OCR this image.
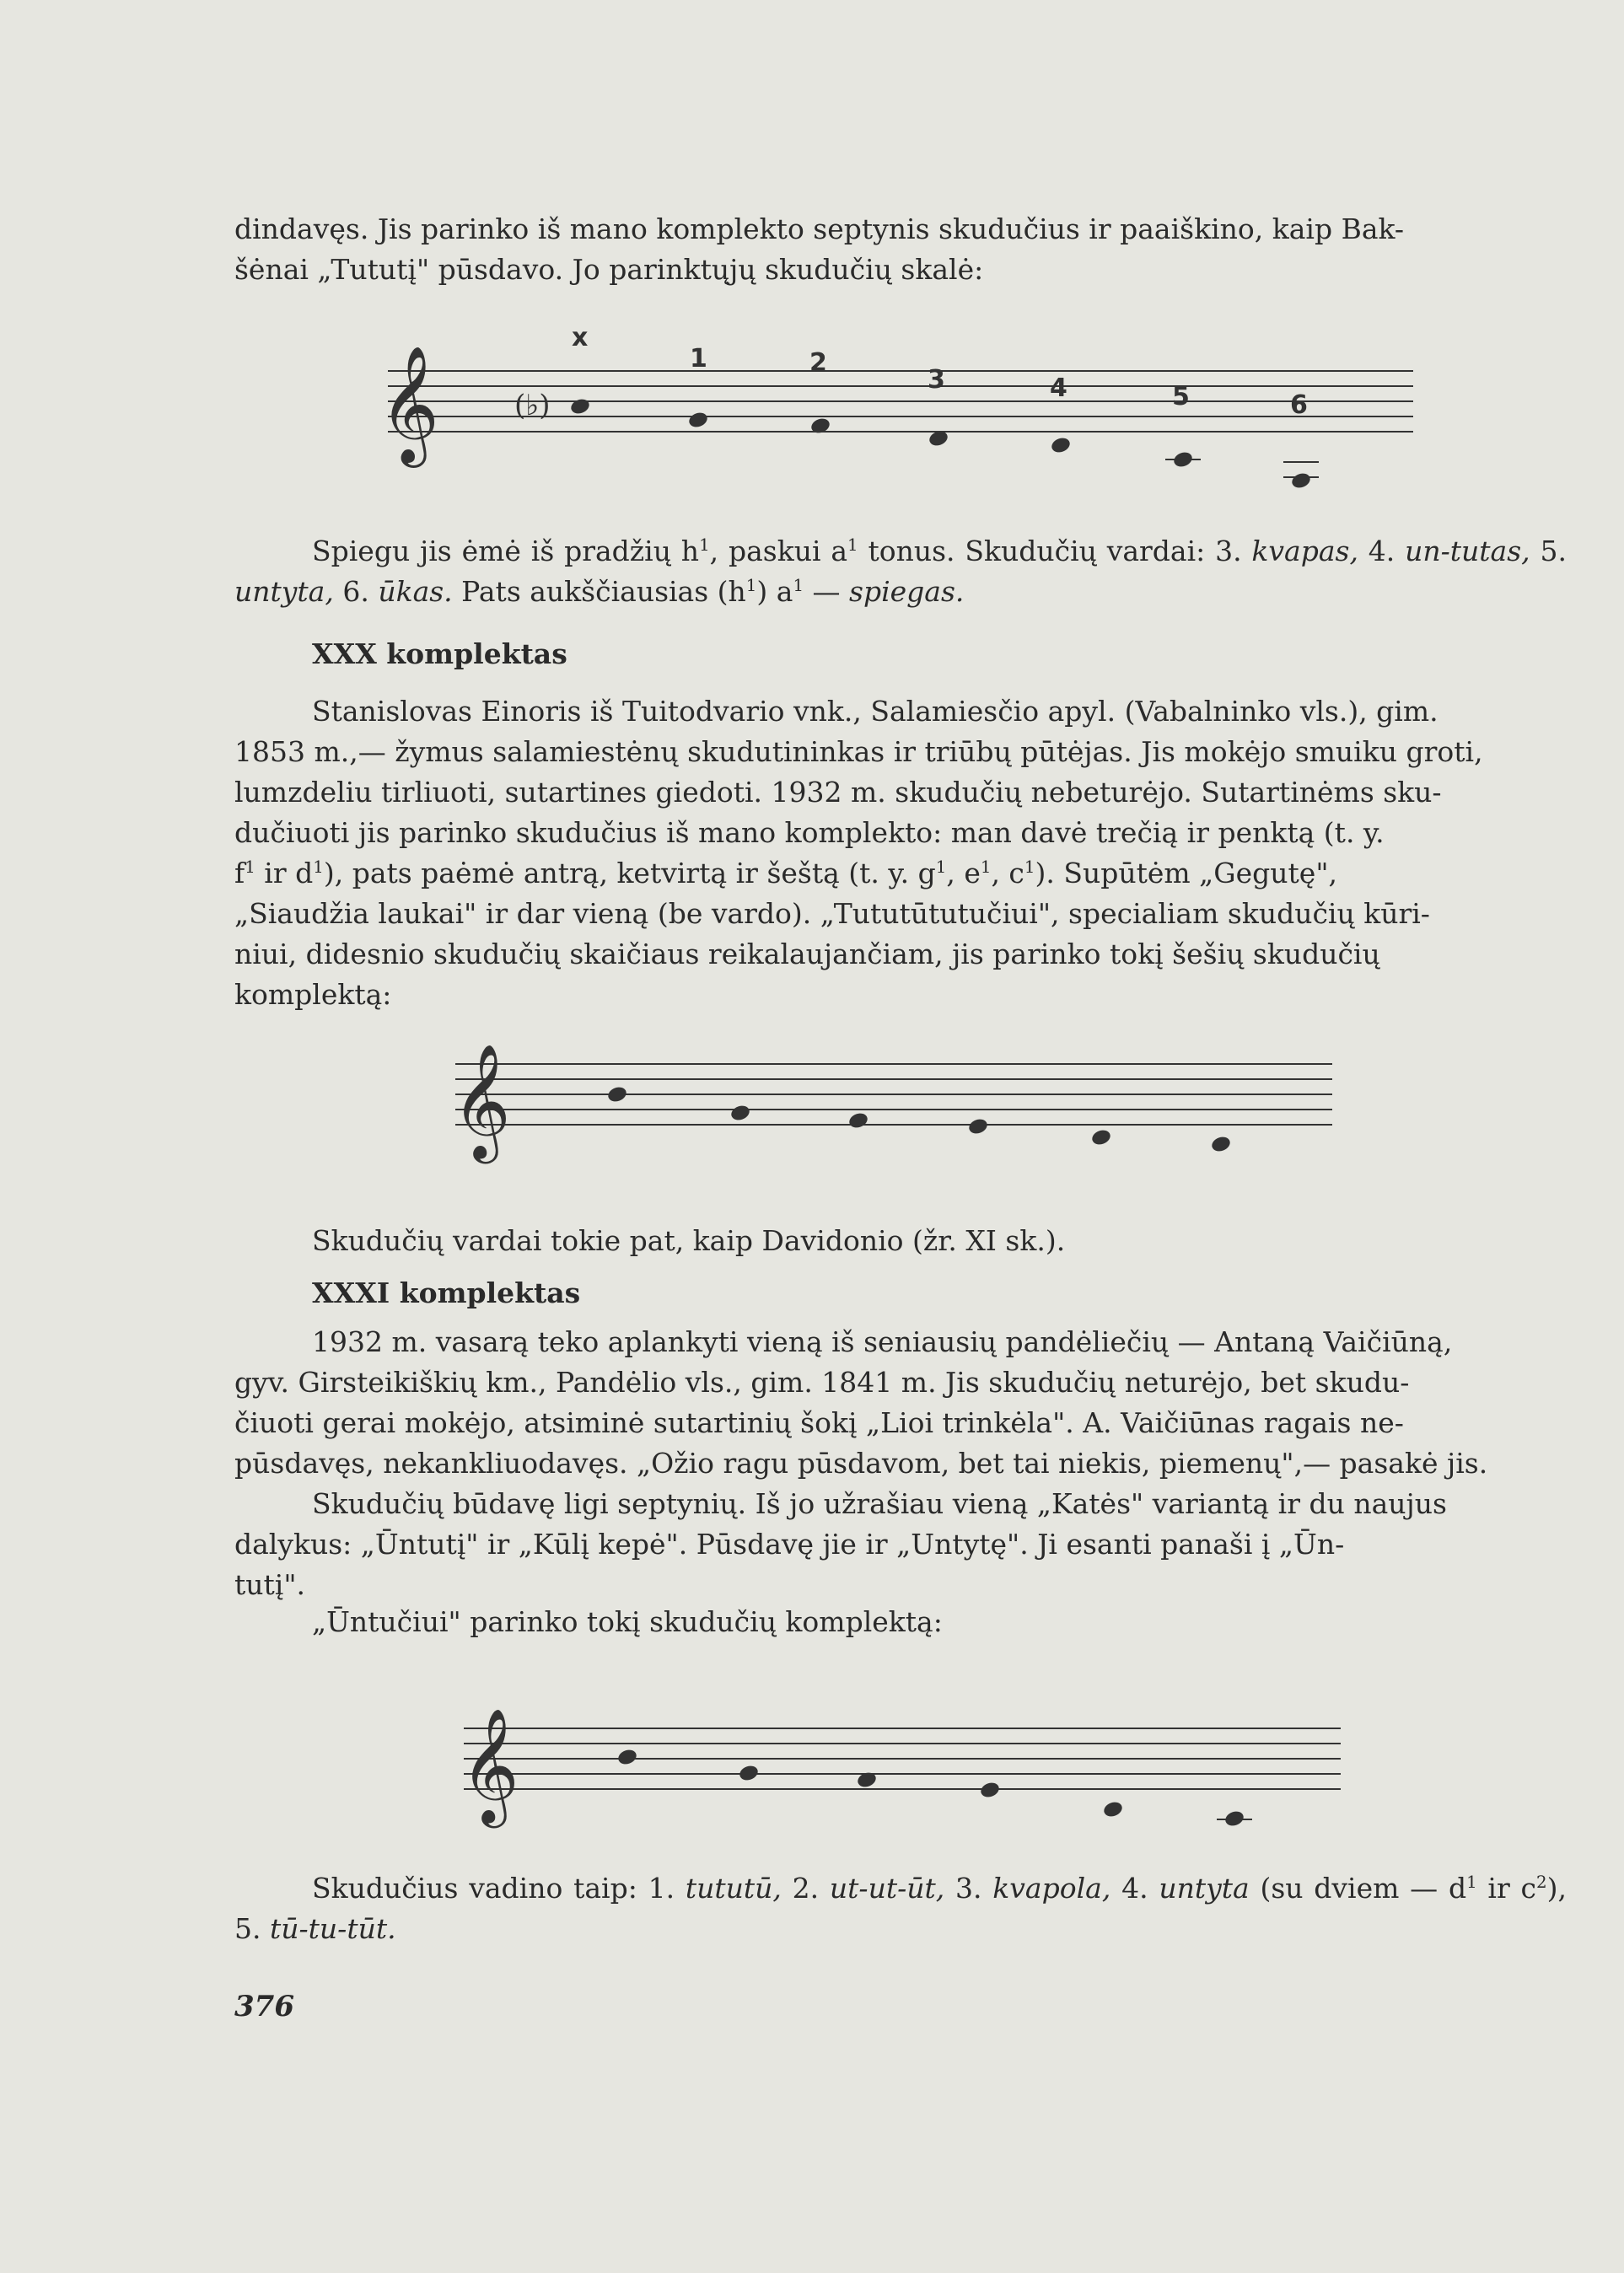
dindavęs. Jis parinko iš mano komplekto septynis skudučius ir paaiškino, kaip Bak-
šėnai „Tututį" pūsdavo. Jo parinktųjų skudučių skalė:

𝄞	(♭)
x
1	2
3	4	5	6

Spiegu jis ėmė iš pradžių $h^1$, paskui $a^1$ tonus. Skudučių vardai: 3. kvapas, 4. un-tutas, 5. untyta, 6. ūkas. Pats aukščiausias $(h^1)$ $a^1$ — spiegas.

XXX komplektas

Stanislovas Einoris iš Tuitodvario vnk., Salamiesčio apyl. (Vabalninko vls.), gim.
1853 m.,— žymus salamiestėnų skudutininkas ir triūbų pūtėjas. Jis mokėjo smuiku groti,
lumzdeliu tirliuoti, sutartines giedoti. 1932 m. skudučių nebeturėjo. Sutartinėms sku-
dučiuoti jis parinko skudučius iš mano komplekto: man davė trečią ir penktą (t. y.
$f^1$ ir $d^1$), pats paėmė antrą, ketvirtą ir šeštą (t. y. $g^1$, $e^1$, $c^1$). Supūtėm „Gegutę",
„Siaudžia laukai" ir dar vieną (be vardo). „Tututūtutučiui", specialiam skudučių kūri-
niui, didesnio skudučių skaičiaus reikalaujančiam, jis parinko tokį šešių skudučių
komplektą:
𝄞

Skudučių vardai tokie pat, kaip Davidonio (žr. XI sk.).

XXXI komplektas

1932 m. vasarą teko aplankyti vieną iš seniausių pandėliečių — Antaną Vaičiūną,
gyv. Girsteikiškių km., Pandėlio vls., gim. 1841 m. Jis skudučių neturėjo, bet skudu-
čiuoti gerai mokėjo, atsiminė sutartinių šokį „Lioi trinkėla". A. Vaičiūnas ragais ne-
pūsdavęs, nekankliuodavęs. „Ožio ragu pūsdavom, bet tai niekis, piemenų",— pasakė jis.
Skudučių būdavę ligi septynių. Iš jo užrašiau vieną „Katės" variantą ir du naujus
dalykus: „Ūntutį" ir „Kūlį kepė". Pūsdavę jie ir „Untytę". Ji esanti panaši į „Ūn-
tutį".

„Ūntučiui" parinko tokį skudučių komplektą:

𝄞

Skudučius vadino taip: 1. tututū, 2. ut-ut-ūt, 3. kvapola, 4. untyta (su dviem — $d^1$ ir $c^2$), 5. tū-tu-tūt.

376
